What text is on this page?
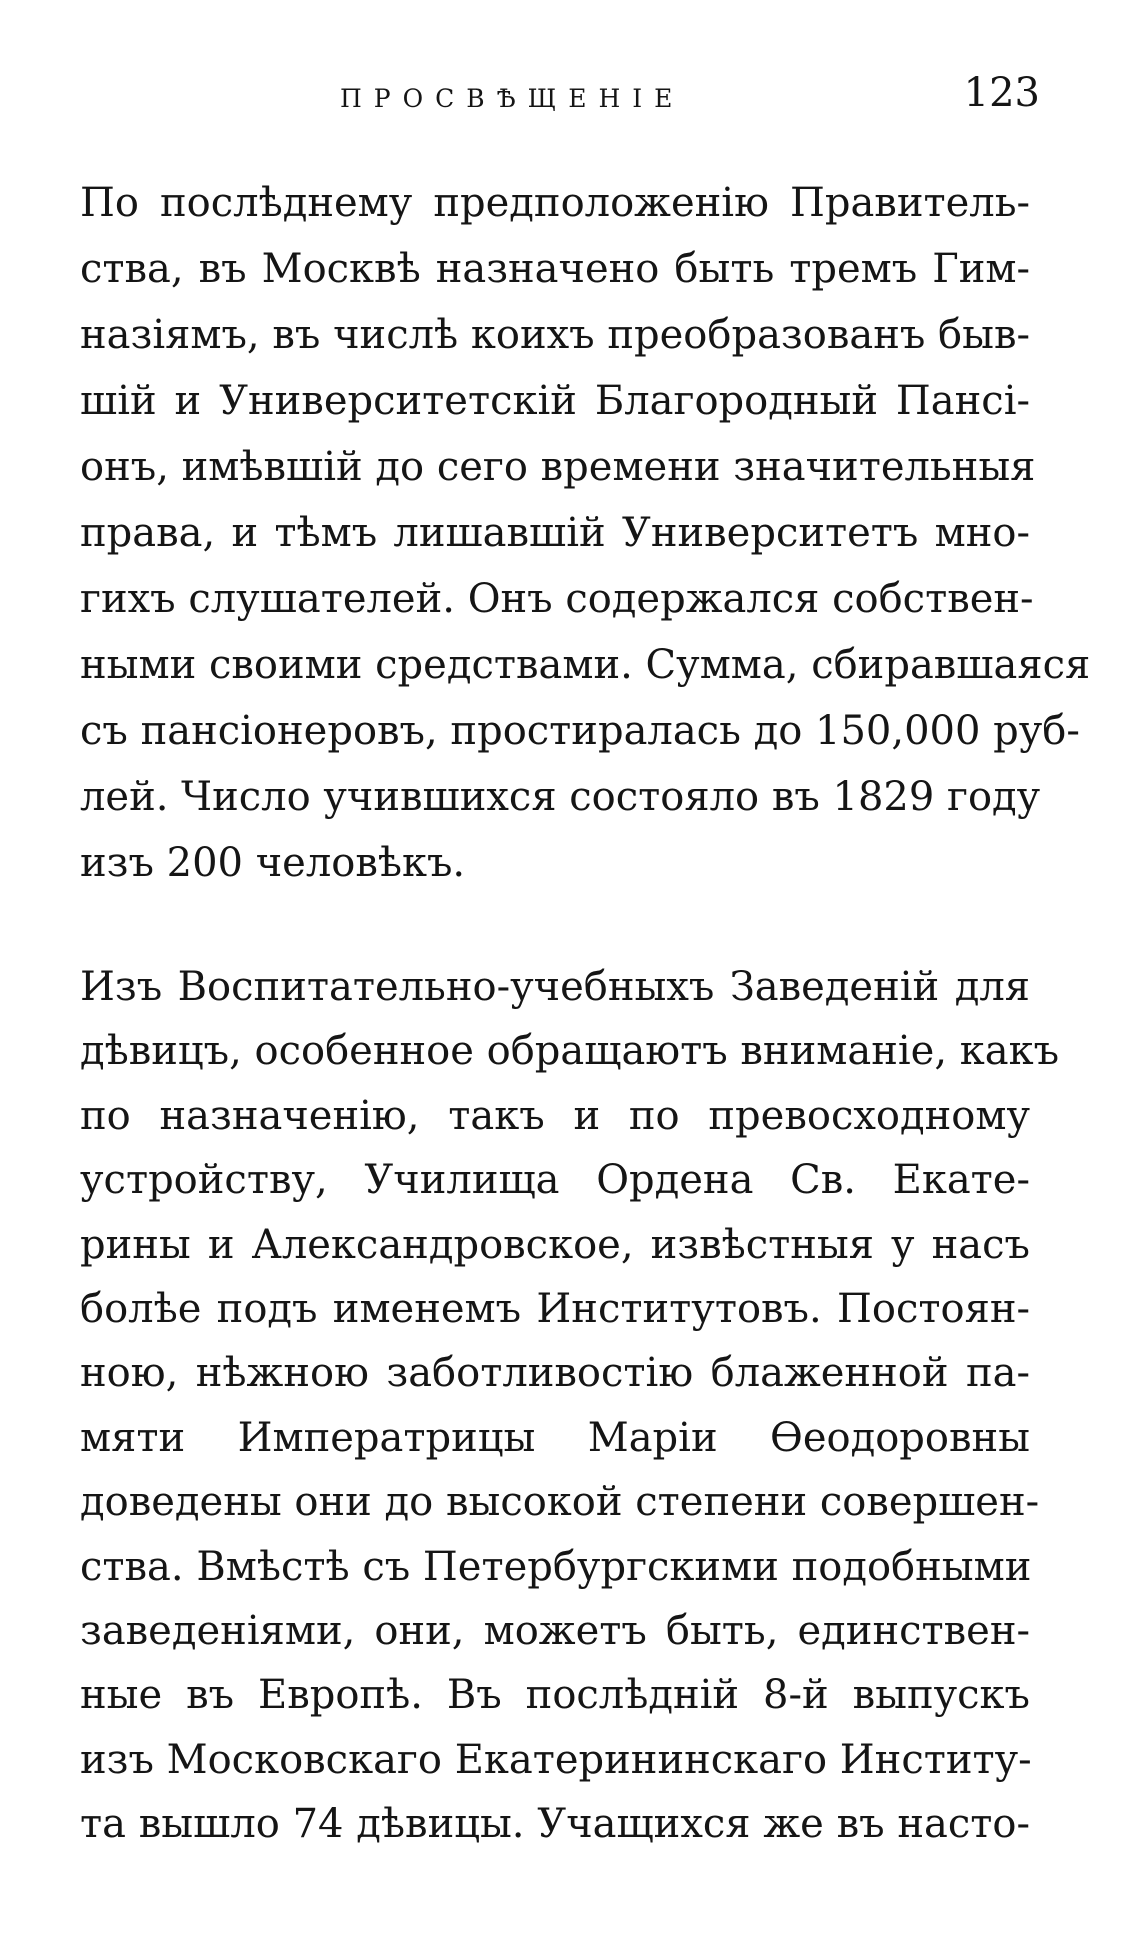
ПРОСВѢЩЕНІЕ	123
По послѣднему предположенію Правитель-
ства, въ Москвѣ назначено быть тремъ Гим-
назіямъ, въ числѣ коихъ преобразованъ быв-
шій и Университетскій Благородный Пансі-
онъ, имѣвшій до сего времени значительныя
права, и тѣмъ лишавшій Университетъ мно-
гихъ слушателей. Онъ содержался собствен-
ными своими средствами. Сумма, сбиравшаяся
съ пансіонеровъ, простиралась до 150,000 руб-
лей. Число учившихся состояло въ 1829 году
изъ 200 человѣкъ.
Изъ Воспитательно-учебныхъ Заведеній для
дѣвицъ, особенное обращаютъ вниманіе, какъ
по назначенію, такъ и по превосходному
устройству, Училища Ордена Св. Екате-
рины и Александровское, извѣстныя у насъ
болѣе подъ именемъ Институтовъ. Постоян-
ною, нѣжною заботливостію блаженной па-
мяти Императрицы Маріи Ѳеодоровны
доведены они до высокой степени совершен-
ства. Вмѣстѣ съ Петербургскими подобными
заведеніями, они, можетъ быть, единствен-
ные въ Европѣ. Въ послѣдній 8-й выпускъ
изъ Московскаго Екатерининскаго Институ-
та вышло 74 дѣвицы. Учащихся же въ насто-
